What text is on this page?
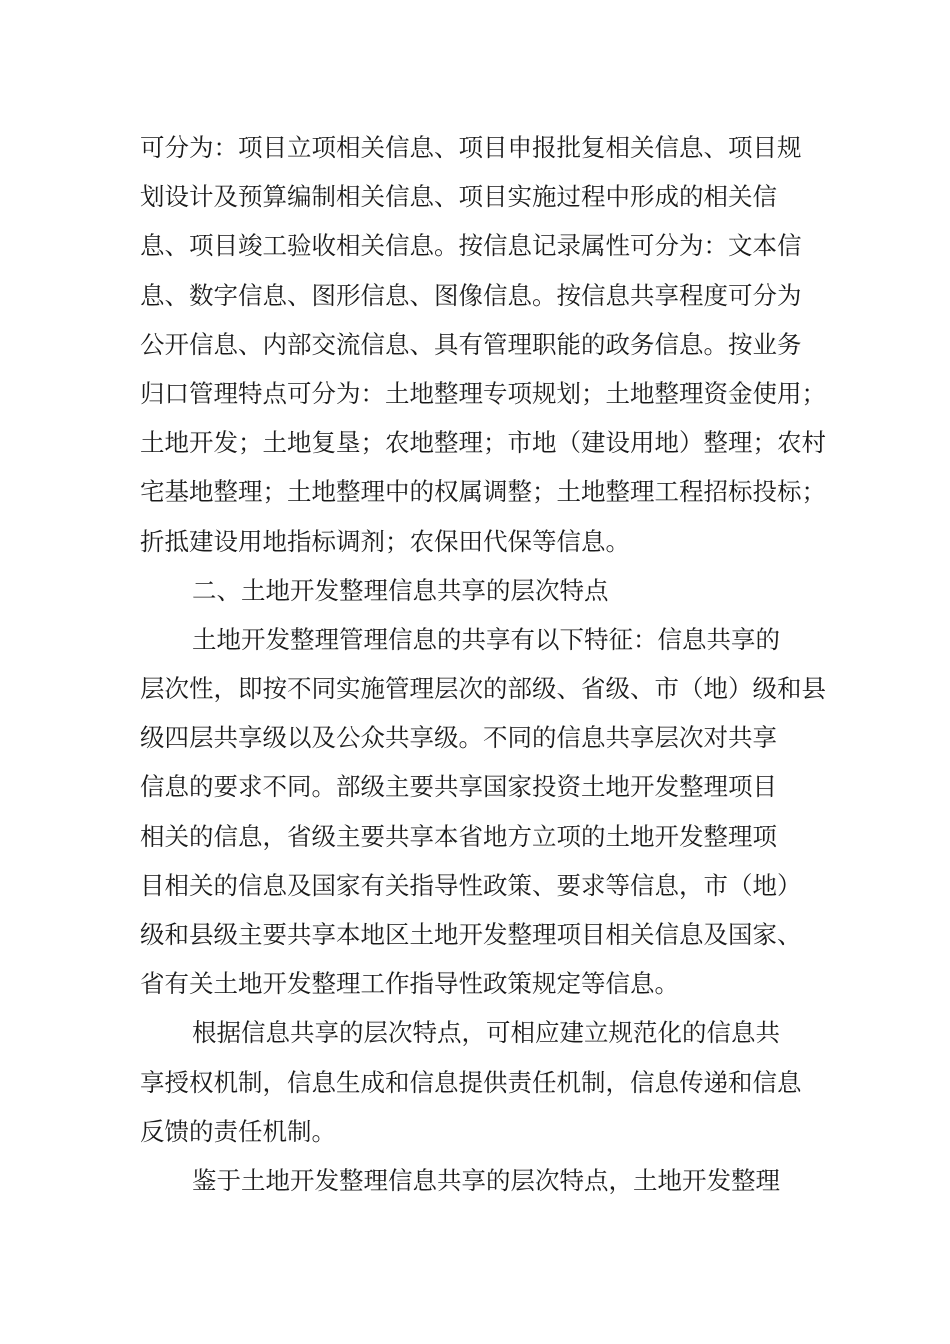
可分为：项目立项相关信息、项目申报批复相关信息、项目规
划设计及预算编制相关信息、项目实施过程中形成的相关信
息、项目竣工验收相关信息。按信息记录属性可分为：文本信
息、数字信息、图形信息、图像信息。按信息共享程度可分为
公开信息、内部交流信息、具有管理职能的政务信息。按业务
归口管理特点可分为：土地整理专项规划；土地整理资金使用；
土地开发；土地复垦；农地整理；市地（建设用地）整理；农村
宅基地整理；土地整理中的权属调整；土地整理工程招标投标；
折抵建设用地指标调剂；农保田代保等信息。
二、土地开发整理信息共享的层次特点
土地开发整理管理信息的共享有以下特征：信息共享的
层次性，即按不同实施管理层次的部级、省级、市（地）级和县
级四层共享级以及公众共享级。不同的信息共享层次对共享
信息的要求不同。部级主要共享国家投资土地开发整理项目
相关的信息，省级主要共享本省地方立项的土地开发整理项
目相关的信息及国家有关指导性政策、要求等信息，市（地）
级和县级主要共享本地区土地开发整理项目相关信息及国家、
省有关土地开发整理工作指导性政策规定等信息。
根据信息共享的层次特点，可相应建立规范化的信息共
享授权机制，信息生成和信息提供责任机制，信息传递和信息
反馈的责任机制。
鉴于土地开发整理信息共享的层次特点，土地开发整理
